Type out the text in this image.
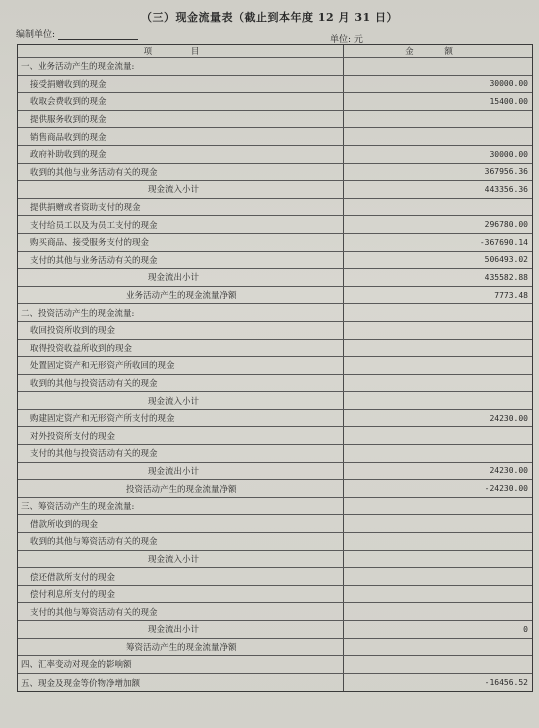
（三）现金流量表（截止到本年度 12 月 31 日）
编制单位:	单位: 元
项 目	金 额
一、业务活动产生的现金流量:
接受捐赠收到的现金	30000.00
收取会费收到的现金	15400.00
提供服务收到的现金
销售商品收到的现金
政府补助收到的现金	30000.00
收到的其他与业务活动有关的现金	367956.36
现金流入小计	443356.36
提供捐赠或者资助支付的现金
支付给员工以及为员工支付的现金	296780.00
购买商品、接受服务支付的现金	-367690.14
支付的其他与业务活动有关的现金	506493.02
现金流出小计	435582.88
业务活动产生的现金流量净额	7773.48
二、投资活动产生的现金流量:
收回投资所收到的现金
取得投资收益所收到的现金
处置固定资产和无形资产所收回的现金
收到的其他与投资活动有关的现金
现金流入小计
购建固定资产和无形资产所支付的现金	24230.00
对外投资所支付的现金
支付的其他与投资活动有关的现金
现金流出小计	24230.00
投资活动产生的现金流量净额	-24230.00
三、筹资活动产生的现金流量:
借款所收到的现金
收到的其他与筹资活动有关的现金
现金流入小计
偿还借款所支付的现金
偿付利息所支付的现金
支付的其他与筹资活动有关的现金
现金流出小计	0
筹资活动产生的现金流量净额
四、汇率变动对现金的影响额
五、现金及现金等价物净增加额	-16456.52
